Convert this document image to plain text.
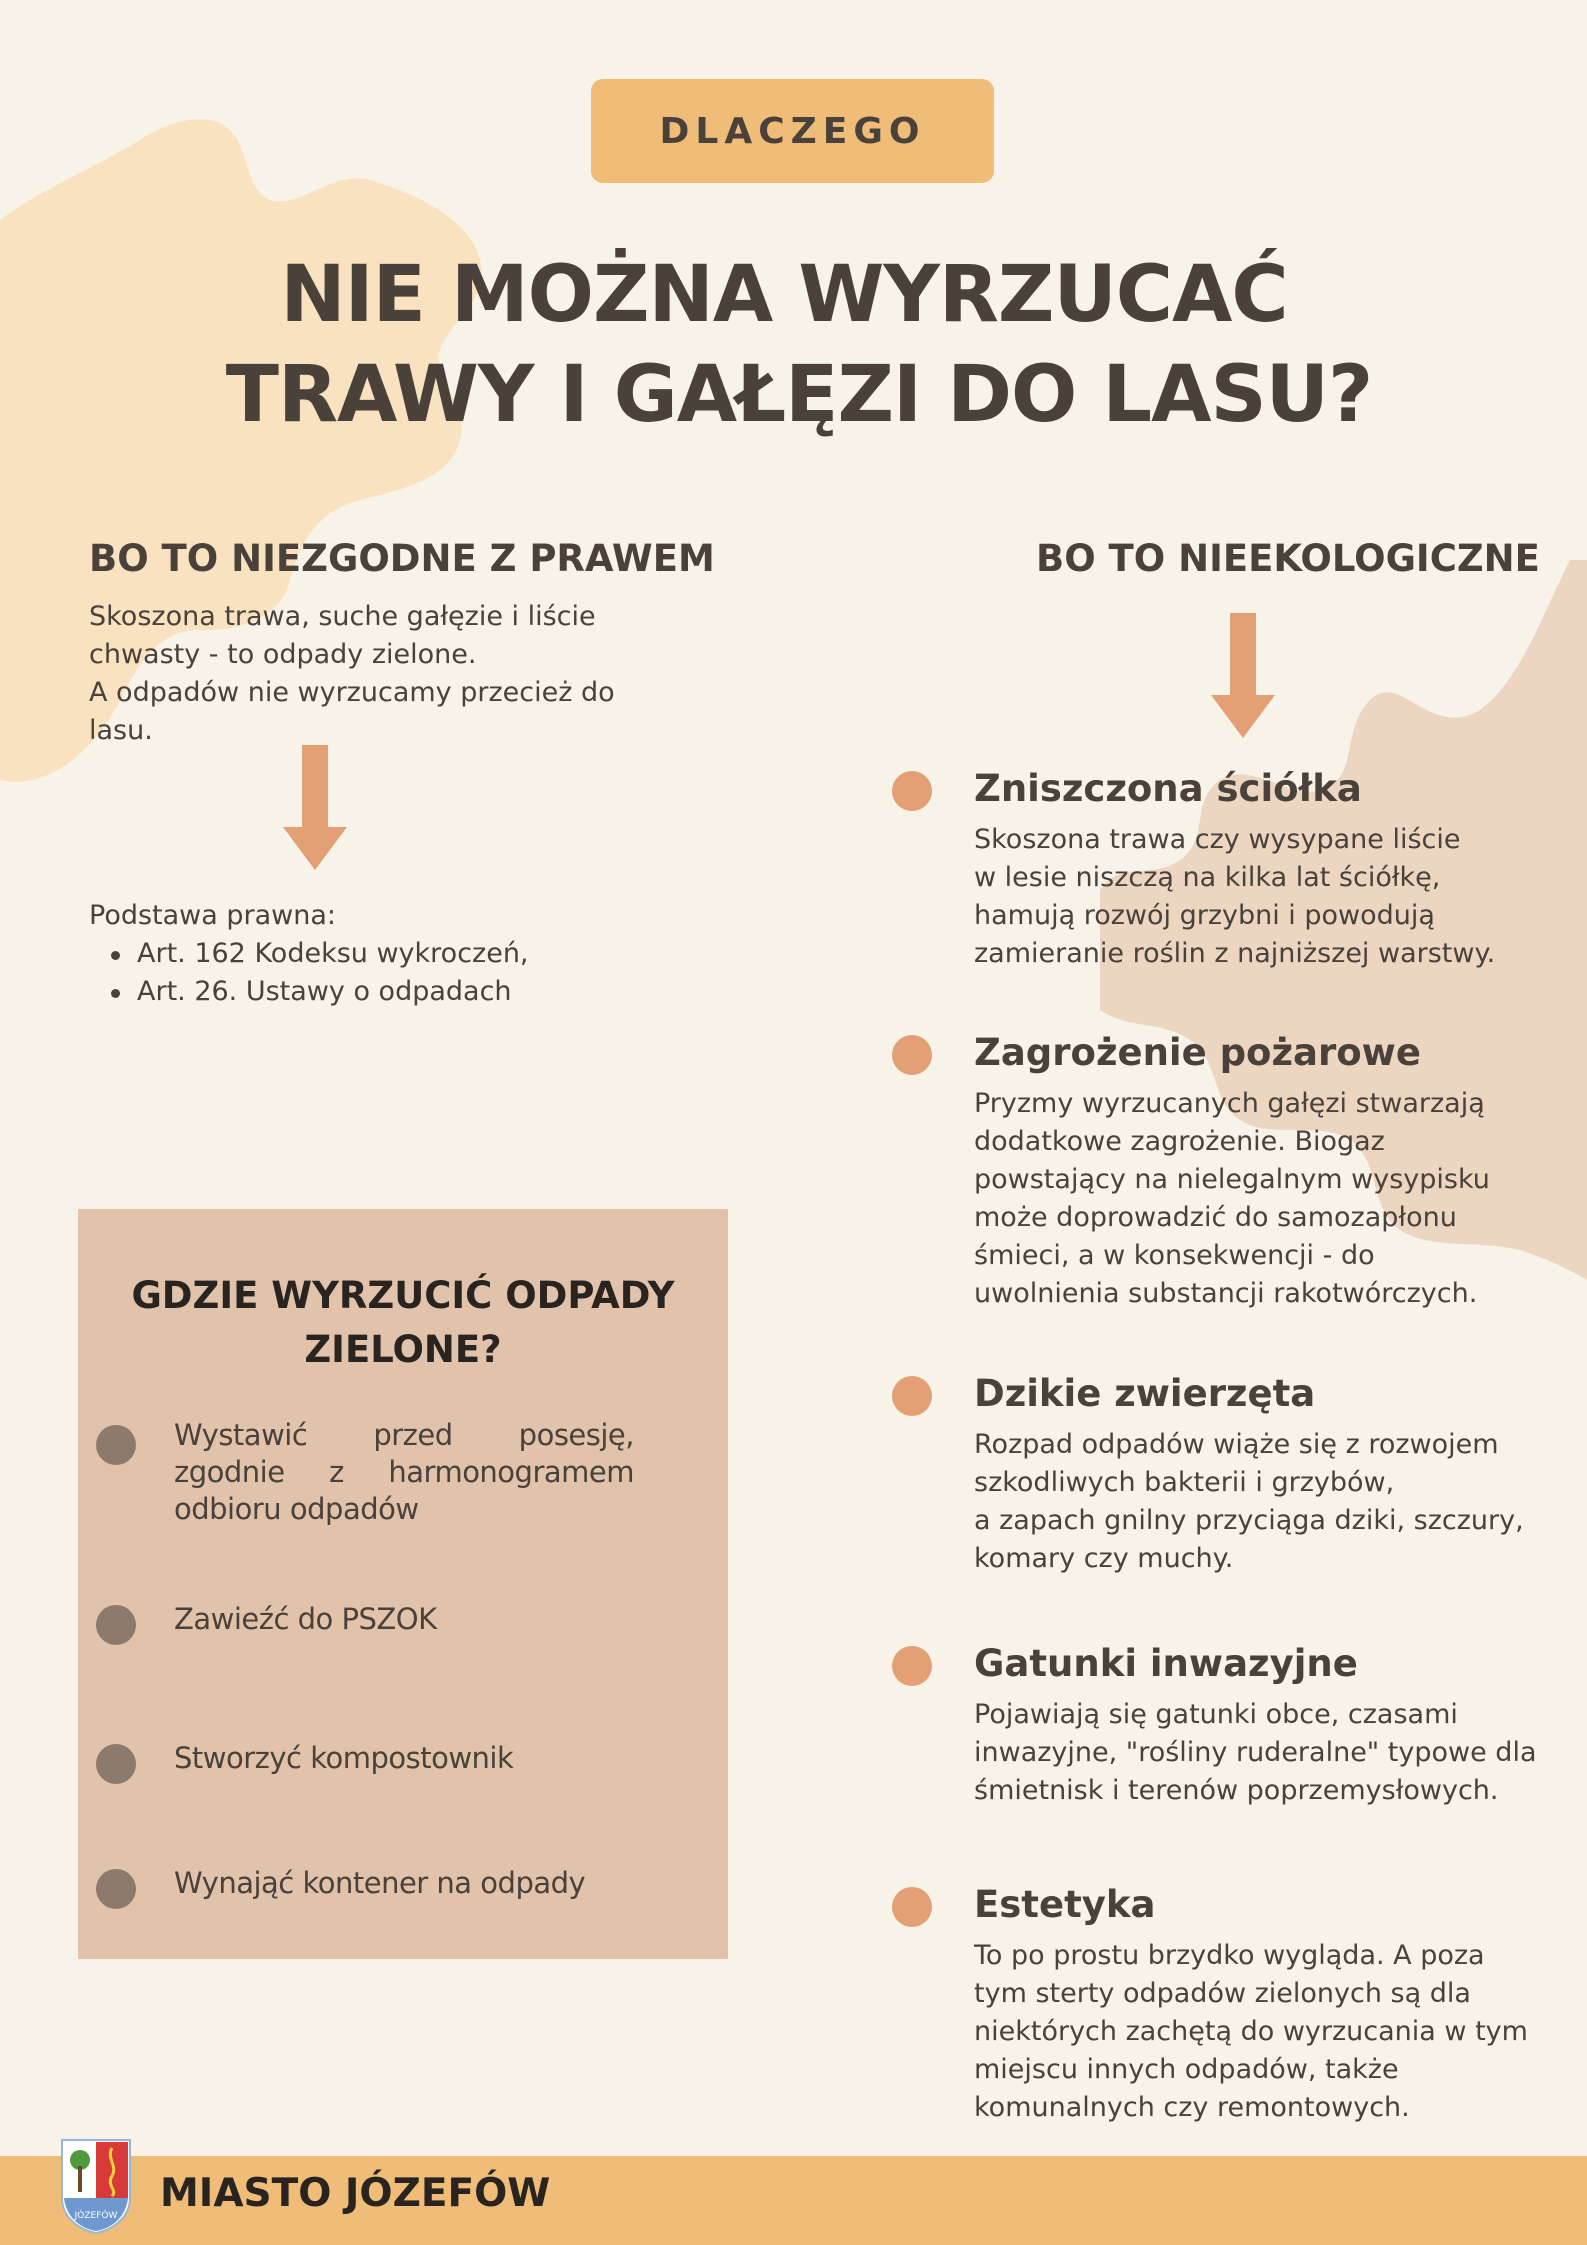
DLACZEGO
NIE MOŻNA WYRZUCAĆ
TRAWY I GAŁĘZI DO LASU?
BO TO NIEZGODNE Z PRAWEM

Skoszona trawa, suche gałęzie i liście

chwasty - to odpady zielone.

A odpadów nie wyrzucamy przecież do

lasu.

Podstawa prawna:
Art. 162 Kodeksu wykroczeń,
Art. 26. Ustawy o odpadach
GDZIE WYRZUCIĆ ODPADY
ZIELONE?
Wystawić przed posesję, zgodnie z harmonogramem odbioru odpadów
Zawieźć do PSZOK
Stworzyć kompostownik
Wynająć kontener na odpady
BO TO NIEEKOLOGICZNE
Zniszczona ściółka
Skoszona trawa czy wysypane liście
w lesie niszczą na kilka lat ściółkę,
hamują rozwój grzybni i powodują
zamieranie roślin z najniższej warstwy.
Zagrożenie pożarowe
Pryzmy wyrzucanych gałęzi stwarzają
dodatkowe zagrożenie. Biogaz
powstający na nielegalnym wysypisku
może doprowadzić do samozapłonu
śmieci, a w konsekwencji - do
uwolnienia substancji rakotwórczych.
Dzikie zwierzęta
Rozpad odpadów wiąże się z rozwojem
szkodliwych bakterii i grzybów,
a zapach gnilny przyciąga dziki, szczury,
komary czy muchy.
Gatunki inwazyjne
Pojawiają się gatunki obce, czasami
inwazyjne, "rośliny ruderalne" typowe dla
śmietnisk i terenów poprzemysłowych.
Estetyka
To po prostu brzydko wygląda. A poza
tym sterty odpadów zielonych są dla
niektórych zachętą do wyrzucania w tym
miejscu innych odpadów, także
komunalnych czy remontowych.
JÓZEFÓW MIASTO JÓZEFÓW
